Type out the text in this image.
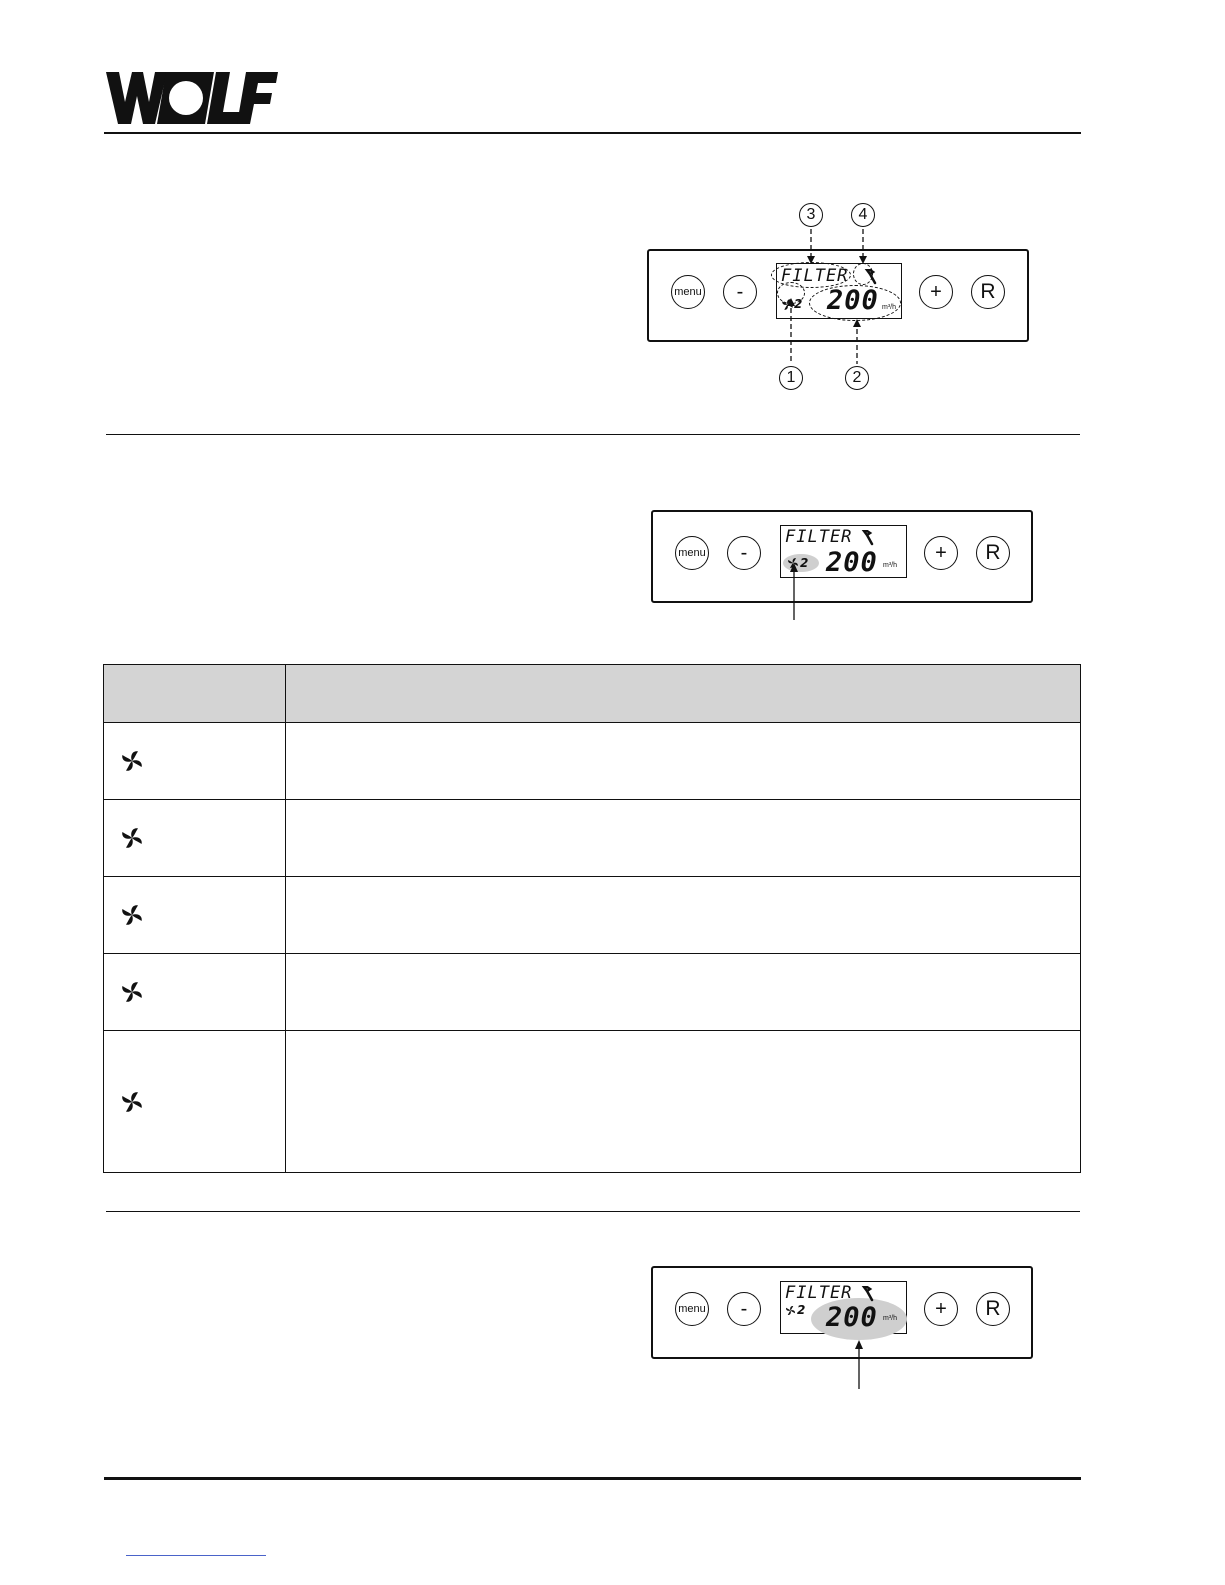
menu	-
FILTER
2 200 m³/h
+	R
3	4
1	2
menu	-
FILTER
2 200 m³/h
+	R

menu	-
FILTER
2 200 m³/h	+	R
